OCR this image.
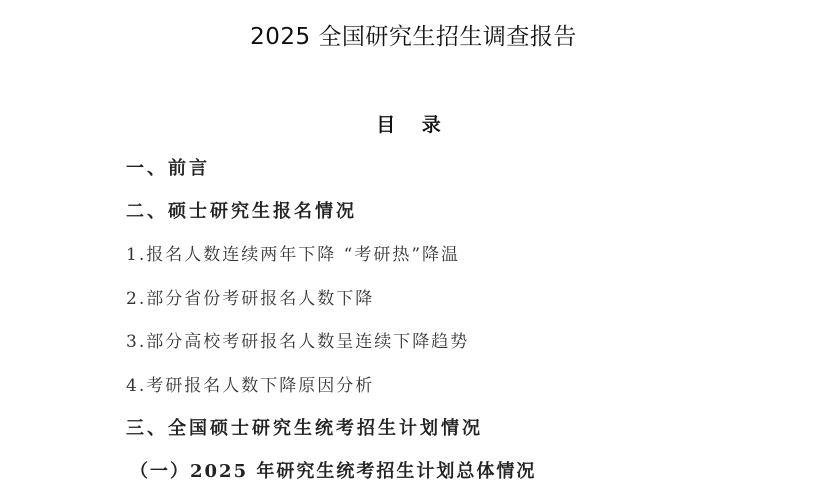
2025 全国研究生招生调查报告
目 录
一、前言
二、硕士研究生报名情况
1.报名人数连续两年下降 “考研热”降温
2.部分省份考研报名人数下降
3.部分高校考研报名人数呈连续下降趋势
4.考研报名人数下降原因分析
三、全国硕士研究生统考招生计划情况
（一）2025 年研究生统考招生计划总体情况
